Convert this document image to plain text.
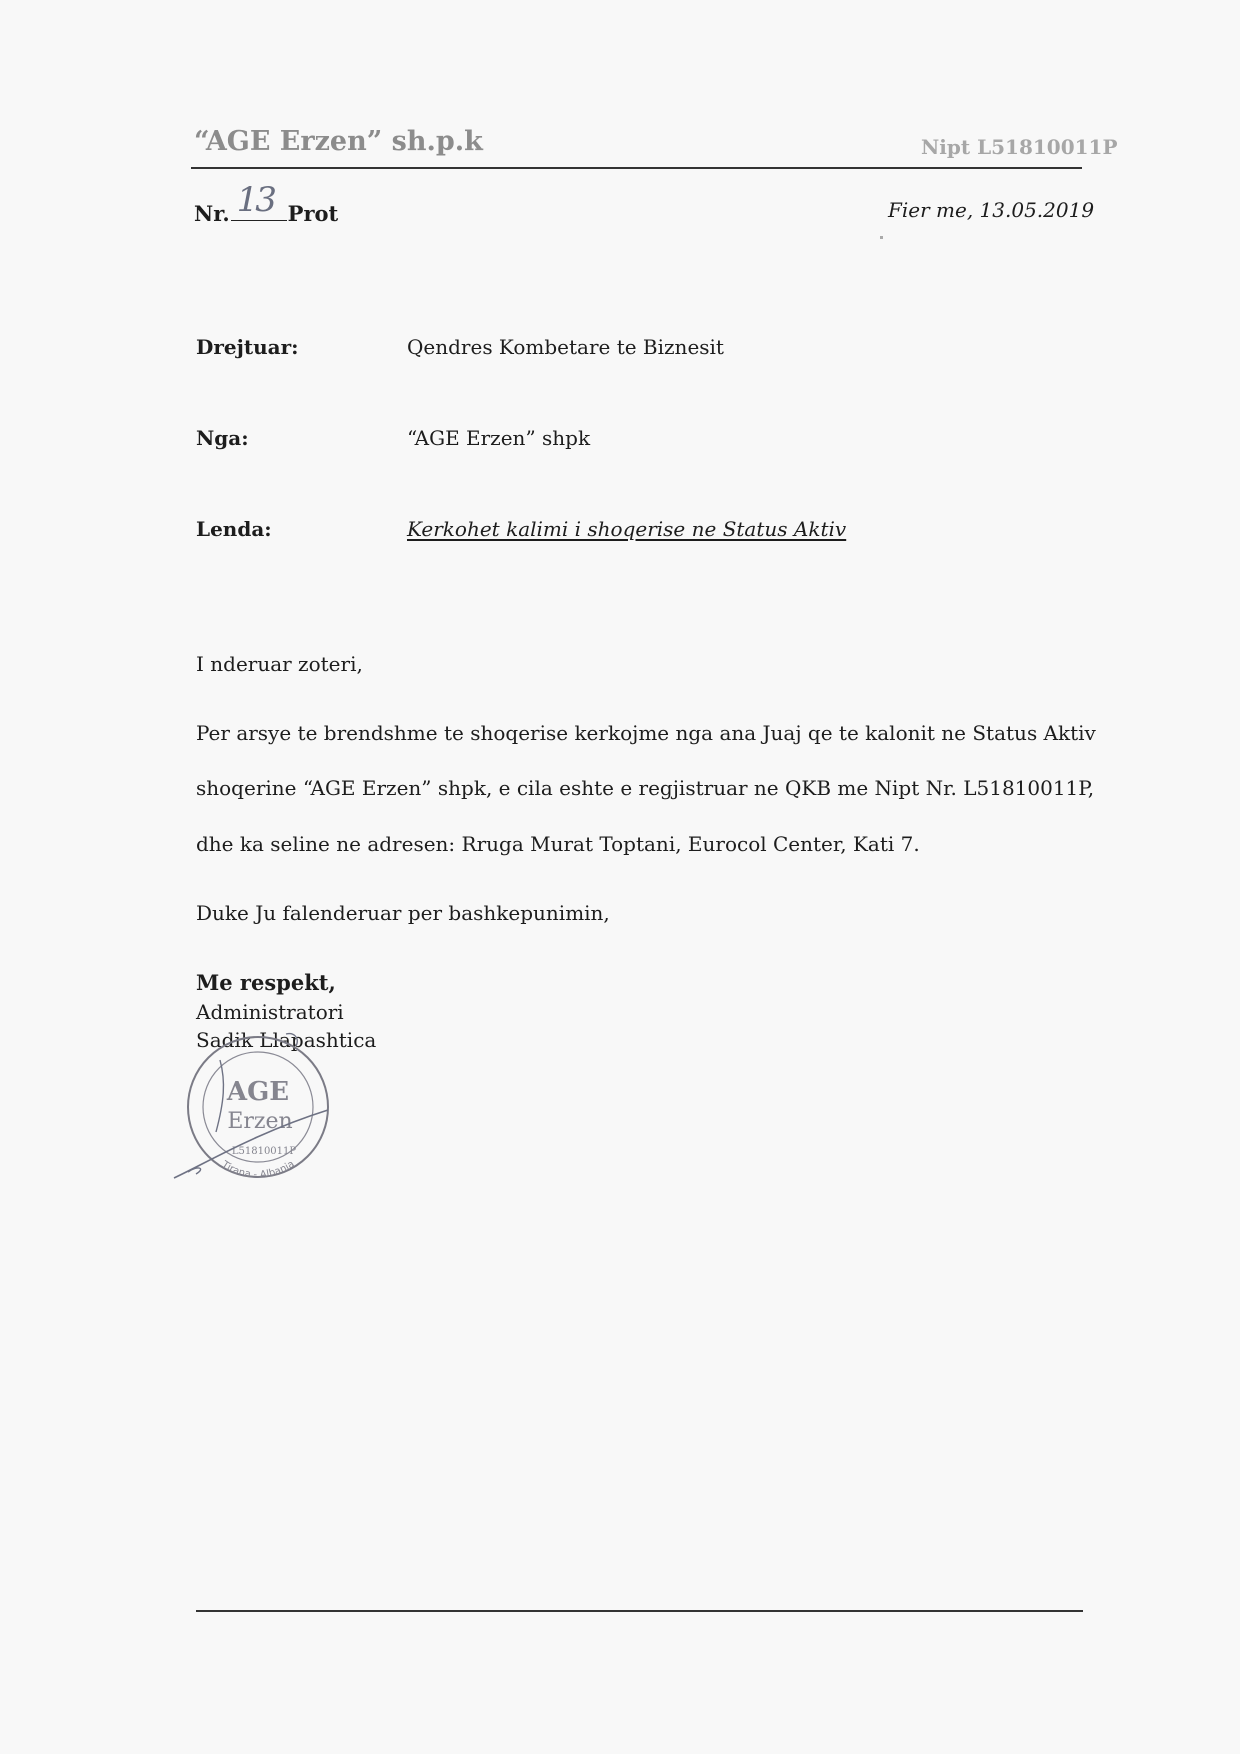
“AGE Erzen” sh.p.k	Nipt L51810011P
Nr. 13 Prot	Fier me, 13.05.2019
Drejtuar:	Qendres Kombetare te Biznesit
Nga:	“AGE Erzen” shpk
Lenda:	Kerkohet kalimi i shoqerise ne Status Aktiv
I nderuar zoteri,
Per arsye te brendshme te shoqerise kerkojme nga ana Juaj qe te kalonit ne Status Aktiv
shoqerine “AGE Erzen” shpk, e cila eshte e regjistruar ne QKB me Nipt Nr. L51810011P,
dhe ka seline ne adresen: Rruga Murat Toptani, Eurocol Center, Kati 7.
Duke Ju falenderuar per bashkepunimin,
Me respekt,
Administratori
Sadik Llapashtica
AGE
Erzen
L51810011P
Tirana - Albania
